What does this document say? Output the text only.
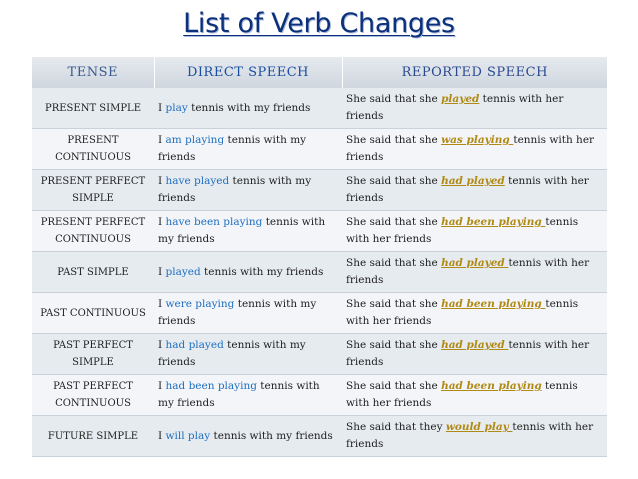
List of Verb Changes
TENSE	DIRECT SPEECH	REPORTED SPEECH
PRESENT SIMPLE	I play tennis with my friends	She said that she played tennis with her friends
PRESENT CONTINUOUS	I am playing tennis with my friends	She said that she was playing tennis with her friends
PRESENT PERFECT SIMPLE	I have played tennis with my friends	She said that she had played tennis with her friends
PRESENT PERFECT CONTINUOUS	I have been playing tennis with my friends	She said that she had been playing tennis with her friends
PAST SIMPLE	I played tennis with my friends	She said that she had played tennis with her friends
PAST CONTINUOUS	I were playing tennis with my friends	She said that she had been playing tennis with her friends
PAST PERFECT SIMPLE	I had played tennis with my friends	She said that she had played tennis with her friends
PAST PERFECT CONTINUOUS	I had been playing tennis with my friends	She said that she had been playing tennis with her friends
FUTURE SIMPLE	I will play tennis with my friends	She said that they would play tennis with her friends
